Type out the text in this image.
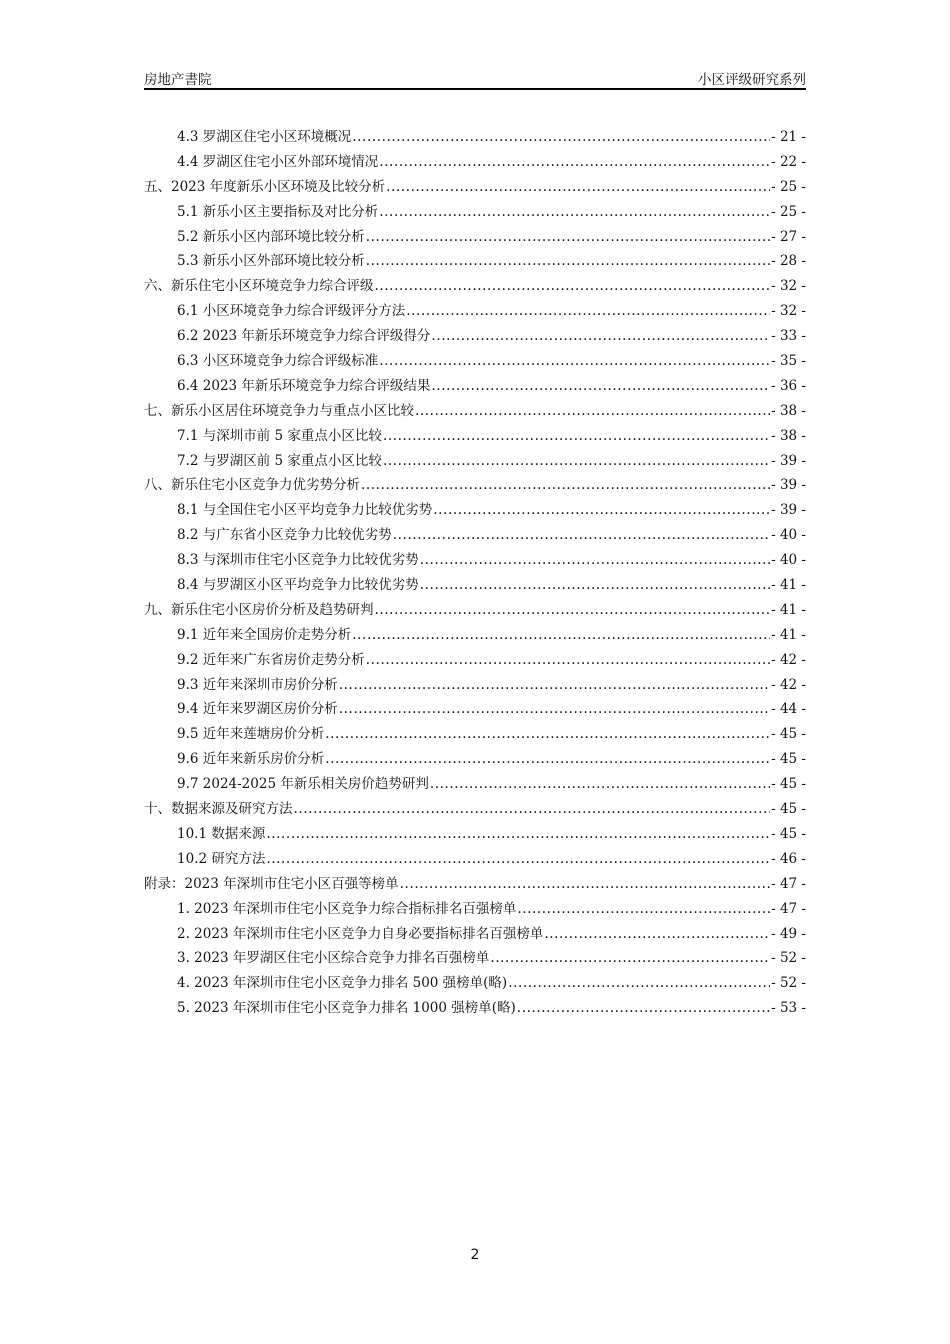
房地产書院	小区评级研究系列
4.3 罗湖区住宅小区环境概况 .....	- 21 -
4.4 罗湖区住宅小区外部环境情况 .....	- 22 -
五、2023 年度新乐小区环境及比较分析 .....	- 25 -
5.1 新乐小区主要指标及对比分析 .....	- 25 -
5.2 新乐小区内部环境比较分析 .....	- 27 -
5.3 新乐小区外部环境比较分析 .....	- 28 -
六、新乐住宅小区环境竞争力综合评级 .....	- 32 -
6.1 小区环境竞争力综合评级评分方法 .....	- 32 -
6.2 2023 年新乐环境竞争力综合评级得分 .....	- 33 -
6.3 小区环境竞争力综合评级标准 .....	- 35 -
6.4 2023 年新乐环境竞争力综合评级结果 .....	- 36 -
七、新乐小区居住环境竞争力与重点小区比较 .....	- 38 -
7.1 与深圳市前 5 家重点小区比较 .....	- 38 -
7.2 与罗湖区前 5 家重点小区比较 .....	- 39 -
八、新乐住宅小区竞争力优劣势分析 .....	- 39 -
8.1 与全国住宅小区平均竞争力比较优劣势 .....	- 39 -
8.2 与广东省小区竞争力比较优劣势 .....	- 40 -
8.3 与深圳市住宅小区竞争力比较优劣势 .....	- 40 -
8.4 与罗湖区小区平均竞争力比较优劣势 .....	- 41 -
九、新乐住宅小区房价分析及趋势研判 .....	- 41 -
9.1 近年来全国房价走势分析 .....	- 41 -
9.2 近年来广东省房价走势分析 .....	- 42 -
9.3 近年来深圳市房价分析 .....	- 42 -
9.4 近年来罗湖区房价分析 .....	- 44 -
9.5 近年来莲塘房价分析 .....	- 45 -
9.6 近年来新乐房价分析 .....	- 45 -
9.7 2024-2025 年新乐相关房价趋势研判 .....	- 45 -
十、数据来源及研究方法 .....	- 45 -
10.1 数据来源 .....	- 45 -
10.2 研究方法 .....	- 46 -
附录：2023 年深圳市住宅小区百强等榜单 .....	- 47 -
1. 2023 年深圳市住宅小区竞争力综合指标排名百强榜单 .....	- 47 -
2. 2023 年深圳市住宅小区竞争力自身必要指标排名百强榜单 .....	- 49 -
3. 2023 年罗湖区住宅小区综合竞争力排名百强榜单 .....	- 52 -
4. 2023 年深圳市住宅小区竞争力排名 500 强榜单(略) .....	- 52 -
5. 2023 年深圳市住宅小区竞争力排名 1000 强榜单(略) .....	- 53 -
2
